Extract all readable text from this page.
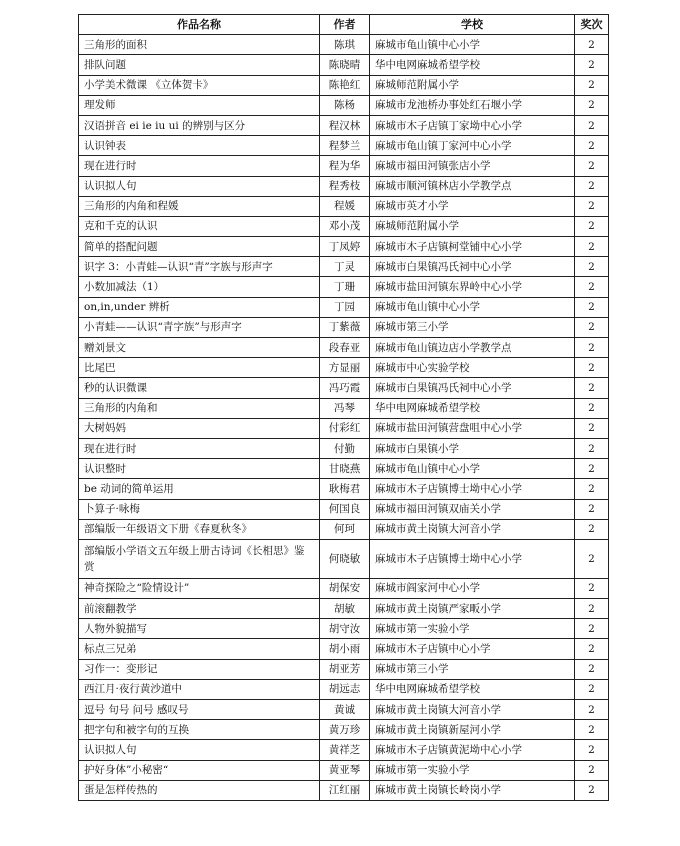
作品名称	作者	学校	奖次
三角形的面积	陈琪	麻城市龟山镇中心小学	2
排队问题	陈晓晴	华中电网麻城希望学校	2
小学美术微课 《立体贺卡》	陈艳红	麻城师范附属小学	2
理发师	陈杨	麻城市龙池桥办事处红石堰小学	2
汉语拼音 ei ie iu ui 的辨别与区分	程汉林	麻城市木子店镇丁家坳中心小学	2
认识钟表	程梦兰	麻城市龟山镇丁家河中心小学	2
现在进行时	程为华	麻城市福田河镇张店小学	2
认识拟人句	程秀枝	麻城市顺河镇林店小学教学点	2
三角形的内角和程媛	程媛	麻城市英才小学	2
克和千克的认识	邓小茂	麻城师范附属小学	2
简单的搭配问题	丁凤婷	麻城市木子店镇柯堂铺中心小学	2
识字 3：小青蛙—认识“青”字族与形声字	丁灵	麻城市白果镇冯氏祠中心小学	2
小数加减法（1）	丁珊	麻城市盐田河镇东界岭中心小学	2
on,in,under 辨析	丁园	麻城市龟山镇中心小学	2
小青蛙——认识“青字族”与形声字	丁紫薇	麻城市第三小学	2
赠刘景文	段春亚	麻城市龟山镇边店小学教学点	2
比尾巴	方显丽	麻城市中心实验学校	2
秒的认识微课	冯巧霞	麻城市白果镇冯氏祠中心小学	2
三角形的内角和	冯琴	华中电网麻城希望学校	2
大树妈妈	付彩红	麻城市盐田河镇营盘咀中心小学	2
现在进行时	付勤	麻城市白果镇小学	2
认识整时	甘晓燕	麻城市龟山镇中心小学	2
be 动词的简单运用	耿梅君	麻城市木子店镇博士坳中心小学	2
卜算子·咏梅	何国良	麻城市福田河镇双庙关小学	2
部编版一年级语文下册《春夏秋冬》	何珂	麻城市黄土岗镇大河音小学	2
部编版小学语文五年级上册古诗词《长相思》鉴赏	何晓敏	麻城市木子店镇博士坳中心小学	2
神奇探险之“险情设计”	胡保安	麻城市阎家河中心小学	2
前滚翻教学	胡敏	麻城市黄土岗镇严家畈小学	2
人物外貌描写	胡守汝	麻城市第一实验小学	2
标点三兄弟	胡小雨	麻城市木子店镇中心小学	2
习作一：变形记	胡亚芳	麻城市第三小学	2
西江月·夜行黄沙道中	胡远志	华中电网麻城希望学校	2
逗号 句号 问号 感叹号	黄诚	麻城市黄土岗镇大河音小学	2
把字句和被字句的互换	黄万珍	麻城市黄土岗镇新屋河小学	2
认识拟人句	黄祥芝	麻城市木子店镇黄泥坳中心小学	2
护好身体”小秘密“	黄亚琴	麻城市第一实验小学	2
蛋是怎样传热的	江红丽	麻城市黄土岗镇长岭岗小学	2
